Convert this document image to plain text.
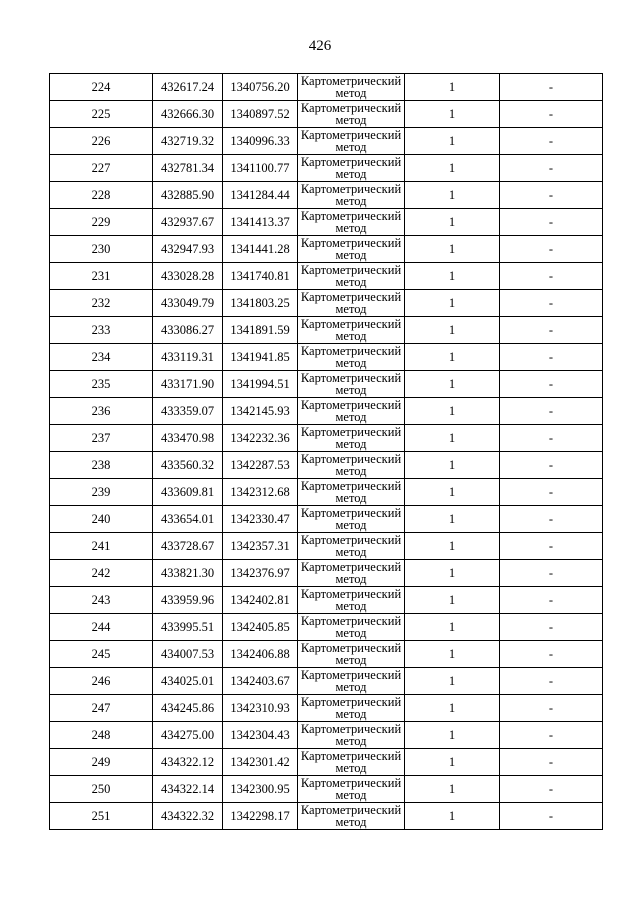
426
224	432617.24	1340756.20	Картометрический
метод	1	-
225	432666.30	1340897.52	Картометрический
метод	1	-
226	432719.32	1340996.33	Картометрический
метод	1	-
227	432781.34	1341100.77	Картометрический
метод	1	-
228	432885.90	1341284.44	Картометрический
метод	1	-
229	432937.67	1341413.37	Картометрический
метод	1	-
230	432947.93	1341441.28	Картометрический
метод	1	-
231	433028.28	1341740.81	Картометрический
метод	1	-
232	433049.79	1341803.25	Картометрический
метод	1	-
233	433086.27	1341891.59	Картометрический
метод	1	-
234	433119.31	1341941.85	Картометрический
метод	1	-
235	433171.90	1341994.51	Картометрический
метод	1	-
236	433359.07	1342145.93	Картометрический
метод	1	-
237	433470.98	1342232.36	Картометрический
метод	1	-
238	433560.32	1342287.53	Картометрический
метод	1	-
239	433609.81	1342312.68	Картометрический
метод	1	-
240	433654.01	1342330.47	Картометрический
метод	1	-
241	433728.67	1342357.31	Картометрический
метод	1	-
242	433821.30	1342376.97	Картометрический
метод	1	-
243	433959.96	1342402.81	Картометрический
метод	1	-
244	433995.51	1342405.85	Картометрический
метод	1	-
245	434007.53	1342406.88	Картометрический
метод	1	-
246	434025.01	1342403.67	Картометрический
метод	1	-
247	434245.86	1342310.93	Картометрический
метод	1	-
248	434275.00	1342304.43	Картометрический
метод	1	-
249	434322.12	1342301.42	Картометрический
метод	1	-
250	434322.14	1342300.95	Картометрический
метод	1	-
251	434322.32	1342298.17	Картометрический
метод	1	-
